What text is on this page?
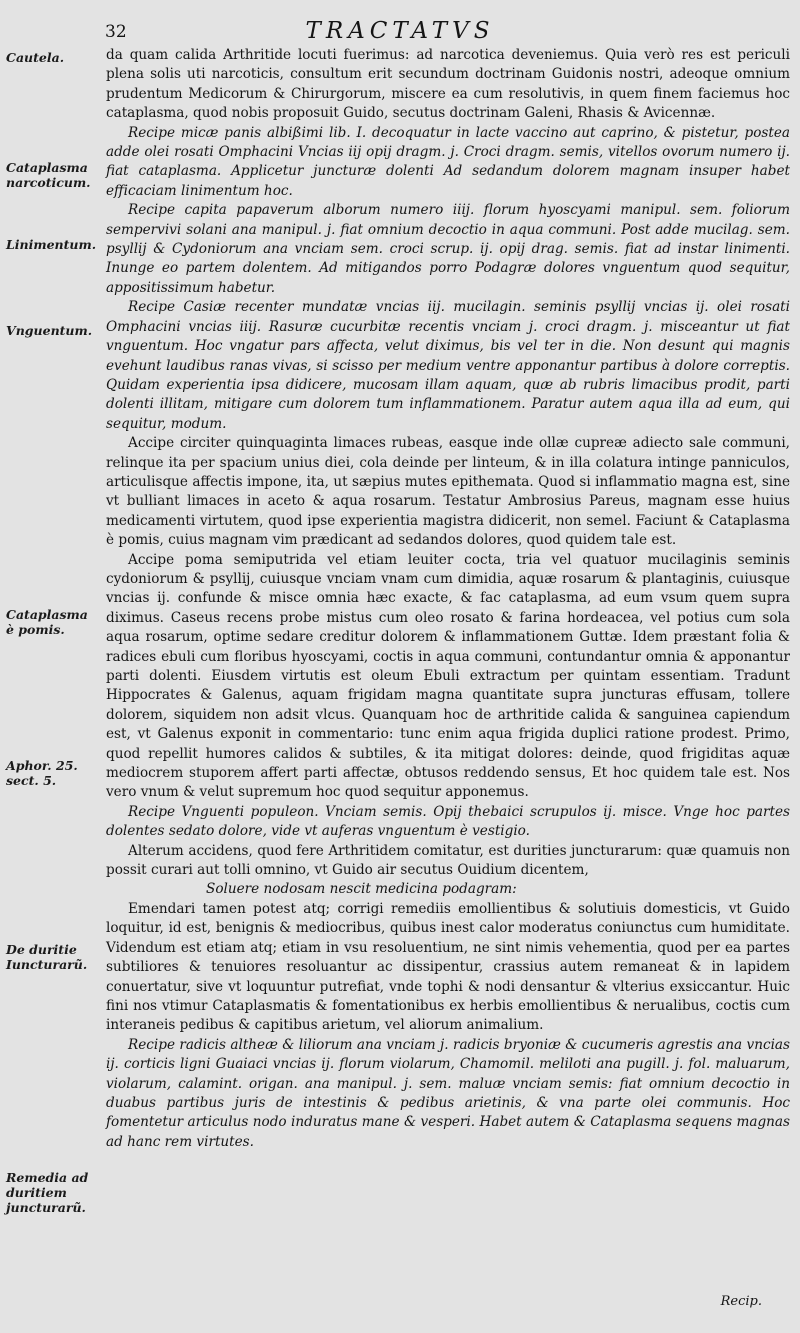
32	TRACTATVS
Cautela.
Cataplasma narcoticum.
Linimentum.
Vnguentum.
Cataplasma è pomis.
Aphor. 25. sect. 5.
De duritie Iuncturarũ.
Remedia ad duritiem juncturarũ.

da quam calida Arthritide locuti fuerimus: ad narcotica deveniemus. Quia verò res est periculi plena solis uti narcoticis, consultum erit secundum doctrinam Guidonis nostri, adeoque omnium prudentum Medicorum & Chirurgorum, miscere ea cum resolutivis, in quem finem faciemus hoc cataplasma, quod nobis proposuit Guido, secutus doctrinam Galeni, Rhasis & Avicennæ.

Recipe micæ panis albißimi lib. I. decoquatur in lacte vaccino aut caprino, & pistetur, postea adde olei rosati Omphacini Vncias iij opij dragm. j. Croci dragm. semis, vitellos ovorum numero ij. fiat cataplasma. Applicetur juncturæ dolenti Ad sedandum dolorem magnam insuper habet efficaciam linimentum hoc.

Recipe capita papaverum alborum numero iiij. florum hyoscyami manipul. sem. foliorum sempervivi solani ana manipul. j. fiat omnium decoctio in aqua communi. Post adde mucilag. sem. psyllij & Cydoniorum ana vnciam sem. croci scrup. ij. opij drag. semis. fiat ad instar linimenti. Inunge eo partem dolentem. Ad mitigandos porro Podagræ dolores vnguentum quod sequitur, appositissimum habetur.

Recipe Casiæ recenter mundatæ vncias iij. mucilagin. seminis psyllij vncias ij. olei rosati Omphacini vncias iiij. Rasuræ cucurbitæ recentis vnciam j. croci dragm. j. misceantur ut fiat vnguentum. Hoc vngatur pars affecta, velut diximus, bis vel ter in die. Non desunt qui magnis evehunt laudibus ranas vivas, si scisso per medium ventre apponantur partibus à dolore correptis. Quidam experientia ipsa didicere, mucosam illam aquam, quæ ab rubris limacibus prodit, parti dolenti illitam, mitigare cum dolorem tum inflammationem. Paratur autem aqua illa ad eum, qui sequitur, modum.

Accipe circiter quinquaginta limaces rubeas, easque inde ollæ cupreæ adiecto sale communi, relinque ita per spacium unius diei, cola deinde per linteum, & in illa colatura intinge panniculos, articulisque affectis impone, ita, ut sæpius mutes epithemata. Quod si inflammatio magna est, sine vt bulliant limaces in aceto & aqua rosarum. Testatur Ambrosius Pareus, magnam esse huius medicamenti virtutem, quod ipse experientia magistra didicerit, non semel. Faciunt & Cataplasma è pomis, cuius magnam vim prædicant ad sedandos dolores, quod quidem tale est.

Accipe poma semiputrida vel etiam leuiter cocta, tria vel quatuor mucilaginis seminis cydoniorum & psyllij, cuiusque vnciam vnam cum dimidia, aquæ rosarum & plantaginis, cuiusque vncias ij. confunde & misce omnia hæc exacte, & fac cataplasma, ad eum vsum quem supra diximus. Caseus recens probe mistus cum oleo rosato & farina hordeacea, vel potius cum sola aqua rosarum, optime sedare creditur dolorem & inflammationem Guttæ. Idem præstant folia & radices ebuli cum floribus hyoscyami, coctis in aqua communi, contundantur omnia & apponantur parti dolenti. Eiusdem virtutis est oleum Ebuli extractum per quintam essentiam. Tradunt Hippocrates & Galenus, aquam frigidam magna quantitate supra juncturas effusam, tollere dolorem, siquidem non adsit vlcus. Quanquam hoc de arthritide calida & sanguinea capiendum est, vt Galenus exponit in commentario: tunc enim aqua frigida duplici ratione prodest. Primo, quod repellit humores calidos & subtiles, & ita mitigat dolores: deinde, quod frigiditas aquæ mediocrem stuporem affert parti affectæ, obtusos reddendo sensus, Et hoc quidem tale est. Nos vero vnum & velut supremum hoc quod sequitur apponemus.

Recipe Vnguenti populeon. Vnciam semis. Opij thebaici scrupulos ij. misce. Vnge hoc partes dolentes sedato dolore, vide vt auferas vnguentum è vestigio.

Alterum accidens, quod fere Arthritidem comitatur, est durities juncturarum: quæ quamuis non possit curari aut tolli omnino, vt Guido air secutus Ouidium dicentem,

Soluere nodosam nescit medicina podagram:

Emendari tamen potest atq; corrigi remediis emollientibus & solutiuis domesticis, vt Guido loquitur, id est, benignis & mediocribus, quibus inest calor moderatus coniunctus cum humiditate. Videndum est etiam atq; etiam in vsu resoluentium, ne sint nimis vehementia, quod per ea partes subtiliores & tenuiores resoluantur ac dissipentur, crassius autem remaneat & in lapidem conuertatur, sive vt loquuntur putrefiat, vnde tophi & nodi densantur & vlterius exsiccantur. Huic fini nos vtimur Cataplasmatis & fomentationibus ex herbis emollientibus & nerualibus, coctis cum interaneis pedibus & capitibus arietum, vel aliorum animalium.

Recipe radicis altheæ & liliorum ana vnciam j. radicis bryoniæ & cucumeris agrestis ana vncias ij. corticis ligni Guaiaci vncias ij. florum violarum, Chamomil. meliloti ana pugill. j. fol. maluarum, violarum, calamint. origan. ana manipul. j. sem. maluæ vnciam semis: fiat omnium decoctio in duabus partibus juris de intestinis & pedibus arietinis, & vna parte olei communis. Hoc fomentetur articulus nodo induratus mane & vesperi. Habet autem & Cataplasma sequens magnas ad hanc rem virtutes.

Recip.
